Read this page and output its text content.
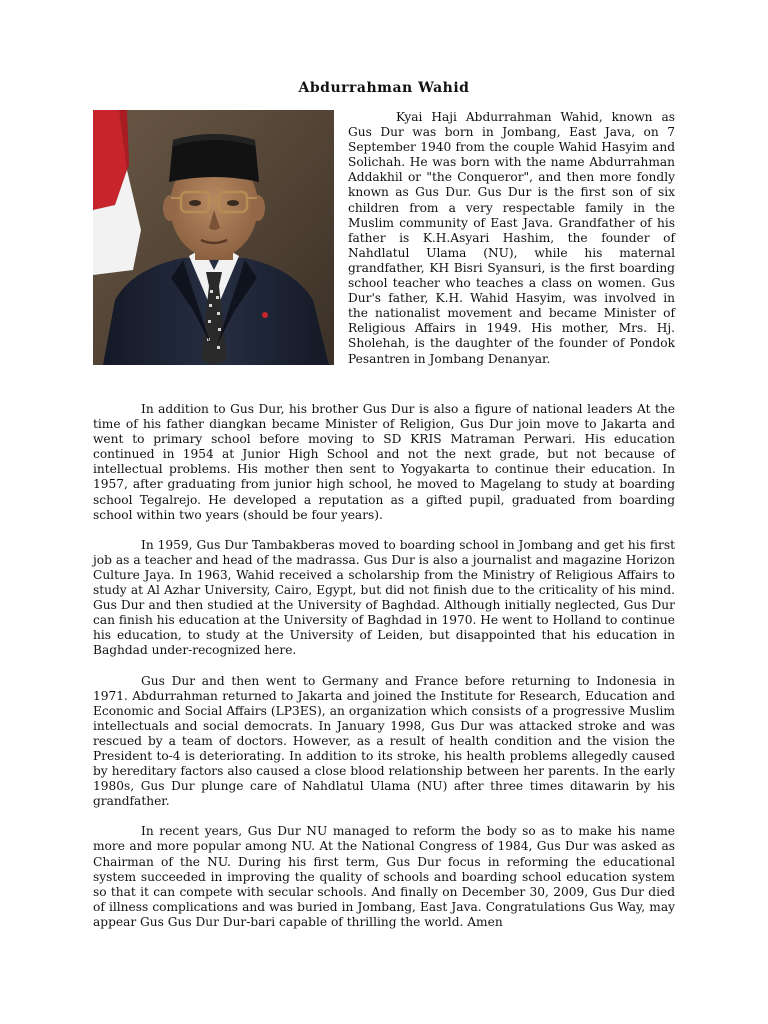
Abdurrahman Wahid

Kyai Haji Abdurrahman Wahid, known as Gus Dur was born in Jombang, East Java, on 7 September 1940 from the couple Wahid Hasyim and Solichah. He was born with the name Abdurrahman Addakhil or "the Conqueror", and then more fondly known as Gus Dur. Gus Dur is the first son of six children from a very respectable family in the Muslim community of East Java. Grandfather of his father is K.H.Asyari Hashim, the founder of Nahdlatul Ulama (NU), while his maternal grandfather, KH Bisri Syansuri, is the first boarding school teacher who teaches a class on women. Gus Dur's father, K.H. Wahid Hasyim, was involved in the nationalist movement and became Minister of Religious Affairs in 1949. His mother, Mrs. Hj. Sholehah, is the daughter of the founder of Pondok Pesantren in Jombang Denanyar.

In addition to Gus Dur, his brother Gus Dur is also a figure of national leaders At the time of his father diangkan became Minister of Religion, Gus Dur join move to Jakarta and went to primary school before moving to SD KRIS Matraman Perwari. His education continued in 1954 at Junior High School and not the next grade, but not because of intellectual problems. His mother then sent to Yogyakarta to continue their education. In 1957, after graduating from junior high school, he moved to Magelang to study at boarding school Tegalrejo. He developed a reputation as a gifted pupil, graduated from boarding school within two years (should be four years).

In 1959, Gus Dur Tambakberas moved to boarding school in Jombang and get his first job as a teacher and head of the madrassa. Gus Dur is also a journalist and magazine Horizon Culture Jaya. In 1963, Wahid received a scholarship from the Ministry of Religious Affairs to study at Al Azhar University, Cairo, Egypt, but did not finish due to the criticality of his mind. Gus Dur and then studied at the University of Baghdad. Although initially neglected, Gus Dur can finish his education at the University of Baghdad in 1970. He went to Holland to continue his education, to study at the University of Leiden, but disappointed that his education in Baghdad under-recognized here.

Gus Dur and then went to Germany and France before returning to Indonesia in 1971. Abdurrahman returned to Jakarta and joined the Institute for Research, Education and Economic and Social Affairs (LP3ES), an organization which consists of a progressive Muslim intellectuals and social democrats. In January 1998, Gus Dur was attacked stroke and was rescued by a team of doctors. However, as a result of health condition and the vision the President to-4 is deteriorating. In addition to its stroke, his health problems allegedly caused by hereditary factors also caused a close blood relationship between her parents. In the early 1980s, Gus Dur plunge care of Nahdlatul Ulama (NU) after three times ditawarin by his grandfather.

In recent years, Gus Dur NU managed to reform the body so as to make his name more and more popular among NU. At the National Congress of 1984, Gus Dur was asked as Chairman of the NU. During his first term, Gus Dur focus in reforming the educational system succeeded in improving the quality of schools and boarding school education system so that it can compete with secular schools. And finally on December 30, 2009, Gus Dur died of illness complications and was buried in Jombang, East Java. Congratulations Gus Way, may appear Gus Gus Dur Dur-bari capable of thrilling the world. Amen
